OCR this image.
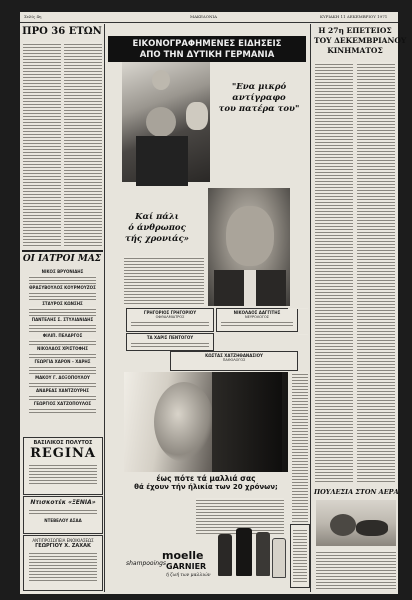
Σελίς 4η	ΜΑΚΕΔΟΝΙΑ	ΚΥΡΙΑΚΗ 11 ΔΕΚΕΜΒΡΙΟΥ 1971
ΠΡΟ 36 ΕΤΩΝ
ΟΙ ΙΑΤΡΟΙ ΜΑΣ
ΝΙΚΟΣ ΒΡΥΟΝΙΔΗΣ
ΘΡΑΣΥΒΟΥΛΟΣ ΚΟΥΡΜΟΥΖΟΣ
ΣΤΑΥΡΟΣ ΚΩΝΣΗΣ
ΠΑΝΤΕΛΗΣ Σ. ΣΤΥΛΙΑΝΙΔΗΣ
ΦΙΛΙΠ. ΠΕΛΑΡΓΟΣ
ΝΙΚΟΛΑΟΣ ΧΡΙΣΤΟΦΗΣ
ΓΕΩΡΓΙΑ ΧΑΡΟΝ – ΧΑΡΗΣ
ΜΑΚΟΥ Γ. ΔΟΞΟΠΟΥΛΟΥ
ΑΝΔΡΕΑΣ ΧΑΝΤΖΟΥΡΗΣ
ΓΕΩΡΓΙΟΣ ΧΑΤΖΟΠΟΥΛΟΣ
ΒΑΣΙΛΙΚΟΣ ΠΟΛΥΤΟΣ
REGINA
Ντισκοτέκ «ΞΕΝΙΑ»
ΝΤΕΒΕΛΟΥ ΑΣΑΑ
ΑΝΤΙΠΡΟΣΩΠΕΙΑ ΕΝΟΙΚΙΑΣΕΩΣ
ΓΕΩΡΓΙΟΥ Χ. ΖΑΧΑΚ
ΕΙΚΟΝΟΓΡΑΦΗΜΕΝΕΣ ΕΙΔΗΣΕΙΣ
ΑΠΟ ΤΗΝ ΔΥΤΙΚΗ ΓΕΡΜΑΝΙΑ
"Ενα μικρό
αντίγραφο
του πατέρα του"
Καί πάλι
ό άνθρωπος
τής χρονιάς»
ΓΡΗΓΟΡΙΟΣ ΓΡΗΓΟΡΙΟΥ
ΟΦΘΑΛΜΙΑΤΡΟΣ
ΝΙΚΟΛΑΟΣ ΔΑΓΓΙΤΗΣ
ΝΕΥΡΟΛΟΓΟΣ
ΤΑ ΧΑΡΙΣ ΠΕΝΤΟΓΟΥ
ΚΩΣΤΑΣ ΧΑΤΖΗΘΑΝΑΣΙΟΥ
ΠΑΘΟΛΟΓΟΣ
έως πότε τά μαλλιά σας
θά έχουν τήν ήλικία των 20 χρόνων;
shampooings
moelle
GARNIER
ή ζωή των μαλλιών
Η 27η ΕΠΕΤΕΙΟΣ
ΤΟΥ ΔΕΚΕΜΒΡΙΑΝΟΥ
ΚΙΝΗΜΑΤΟΣ
ΠΟΥΛΕΣΙΑ ΣΤΟΝ ΑΕΡΑ
